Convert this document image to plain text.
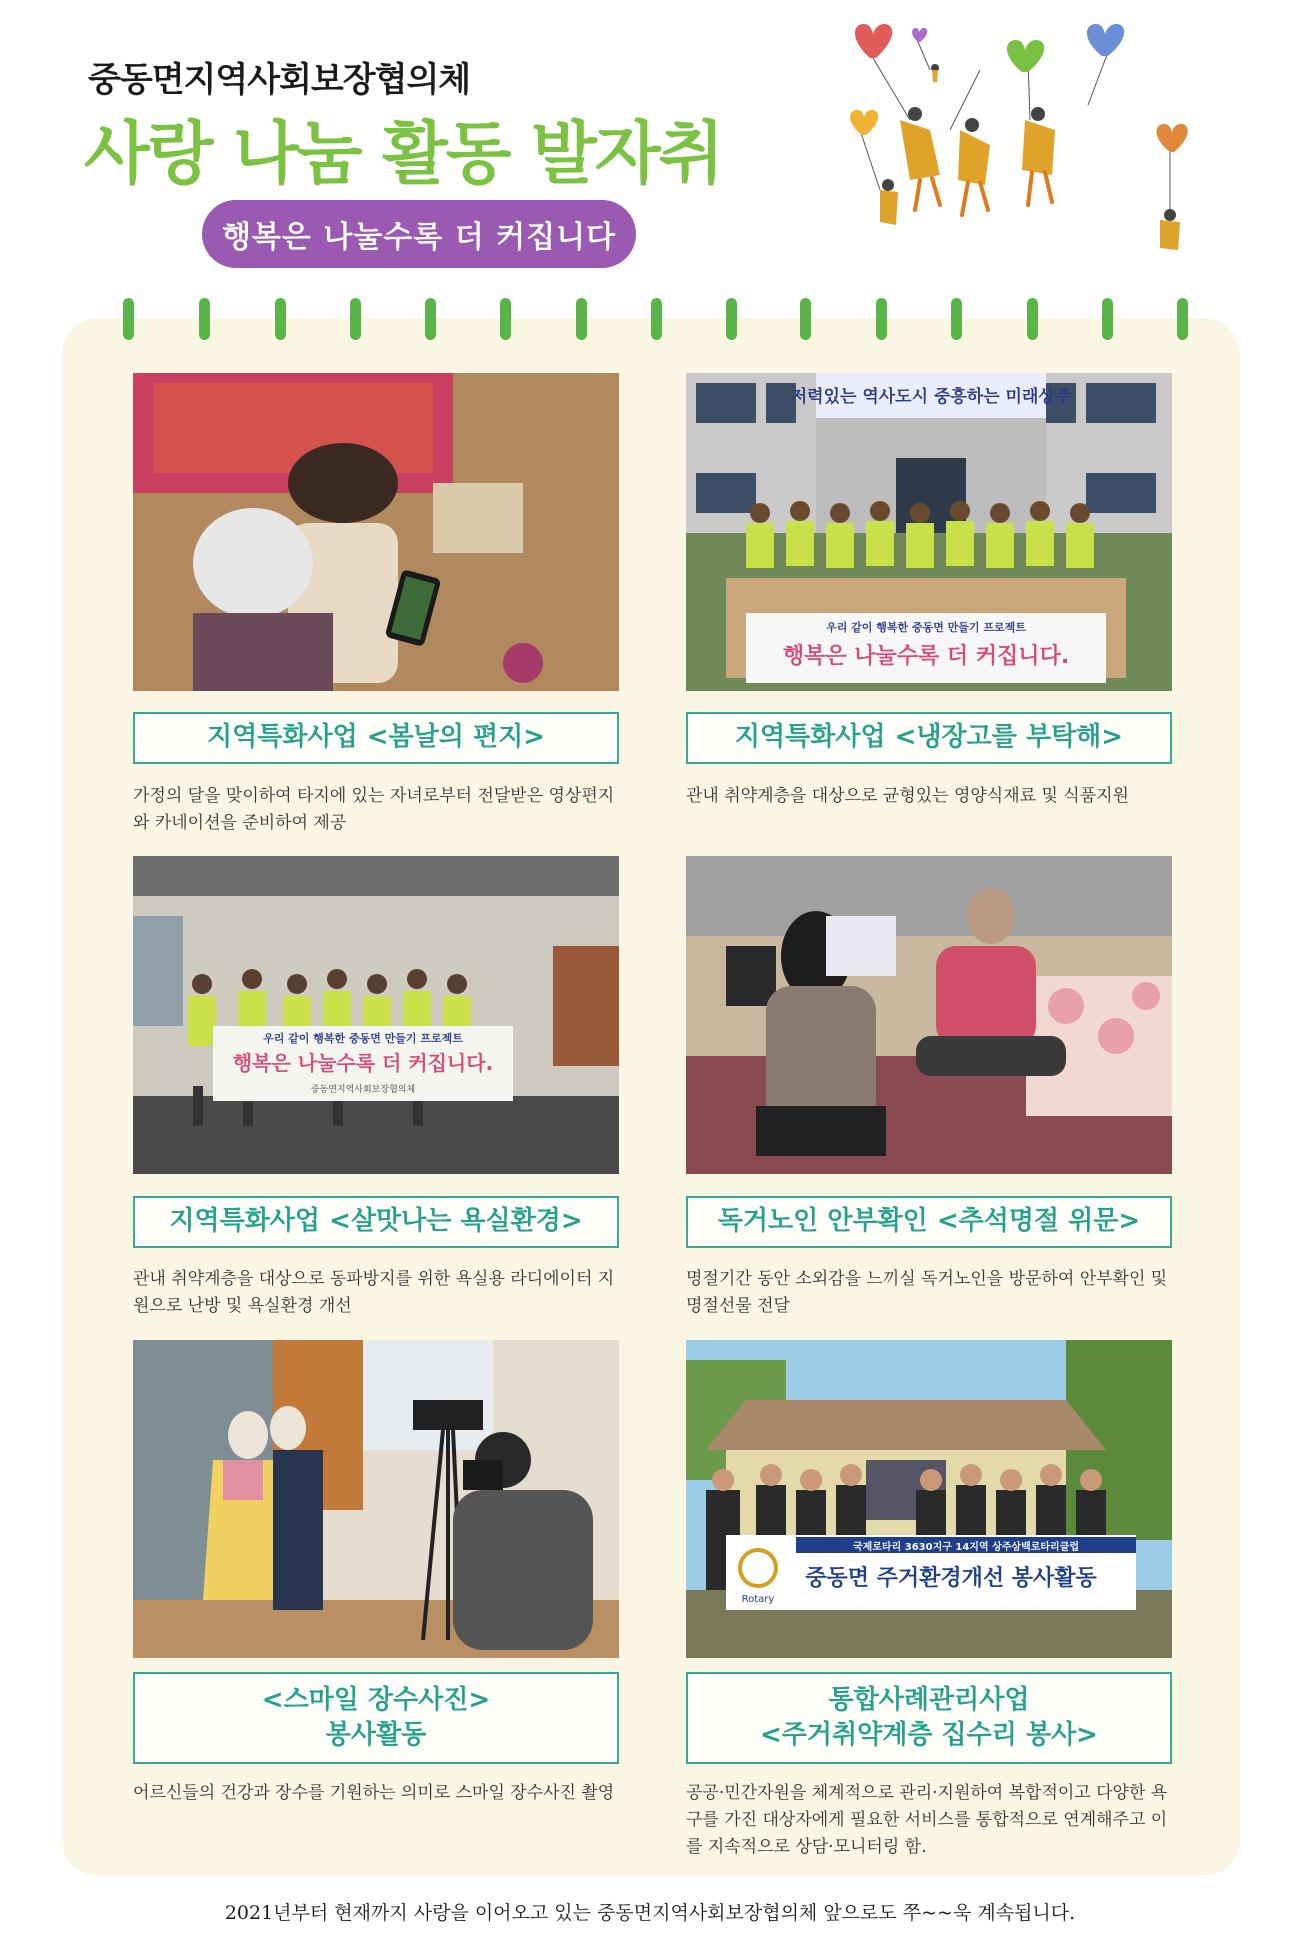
중동면지역사회보장협의체
사랑 나눔 활동 발자취
행복은 나눌수록 더 커집니다
지역특화사업 <봄날의 편지>
가정의 달을 맞이하여 타지에 있는 자녀로부터 전달받은 영상편지와 카네이션을 준비하여 제공
저력있는 역사도시 중흥하는 미래상주
우리 같이 행복한 중동면 만들기 프로젝트
행복은 나눌수록 더 커집니다.
지역특화사업 <냉장고를 부탁해>
관내 취약계층을 대상으로 균형있는 영양식재료 및 식품지원
우리 같이 행복한 중동면 만들기 프로젝트
행복은 나눌수록 더 커집니다.
중동면지역사회보장협의체
지역특화사업 <살맛나는 욕실환경>
관내 취약계층을 대상으로 동파방지를 위한 욕실용 라디에이터 지원으로 난방 및 욕실환경 개선
독거노인 안부확인 <추석명절 위문>
명절기간 동안 소외감을 느끼실 독거노인을 방문하여 안부확인 및 명절선물 전달
<스마일 장수사진>
봉사활동
어르신들의 건강과 장수를 기원하는 의미로 스마일 장수사진 촬영
국제로타리 3630지구 14지역 상주삼백로타리클럽
중동면 주거환경개선 봉사활동
Rotary
통합사례관리사업
<주거취약계층 집수리 봉사>
공공·민간자원을 체계적으로 관리·지원하여 복합적이고 다양한 욕구를 가진 대상자에게 필요한 서비스를 통합적으로 연계해주고 이를 지속적으로 상담·모니터링 함.
2021년부터 현재까지 사랑을 이어오고 있는 중동면지역사회보장협의체 앞으로도 쭈~~욱 계속됩니다.
